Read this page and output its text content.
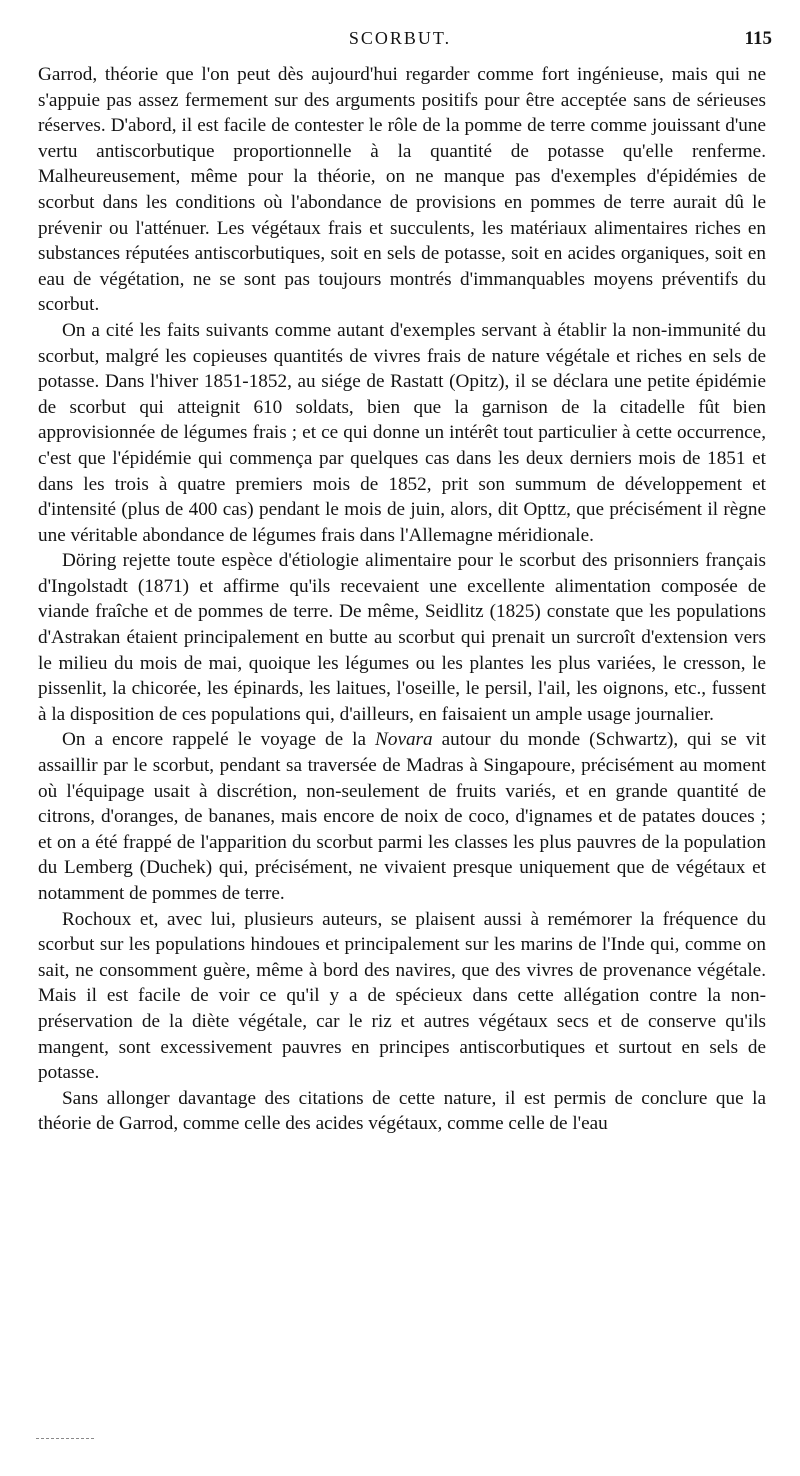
SCORBUT.	115

Garrod, théorie que l'on peut dès aujourd'hui regarder comme fort ingénieuse, mais qui ne s'appuie pas assez fermement sur des arguments positifs pour être acceptée sans de sérieuses réserves. D'abord, il est facile de contester le rôle de la pomme de terre comme jouissant d'une vertu antiscorbutique proportionnelle à la quantité de potasse qu'elle renferme. Malheureusement, même pour la théorie, on ne manque pas d'exemples d'épidémies de scorbut dans les conditions où l'abondance de provisions en pommes de terre aurait dû le prévenir ou l'atténuer. Les végétaux frais et succulents, les matériaux alimentaires riches en substances réputées antiscorbutiques, soit en sels de potasse, soit en acides organiques, soit en eau de végétation, ne se sont pas toujours montrés d'immanquables moyens préventifs du scorbut.

On a cité les faits suivants comme autant d'exemples servant à établir la non-immunité du scorbut, malgré les copieuses quantités de vivres frais de nature végétale et riches en sels de potasse. Dans l'hiver 1851-1852, au siége de Rastatt (Opitz), il se déclara une petite épidémie de scorbut qui atteignit 610 soldats, bien que la garnison de la citadelle fût bien approvisionnée de légumes frais ; et ce qui donne un intérêt tout particulier à cette occurrence, c'est que l'épidémie qui commença par quelques cas dans les deux derniers mois de 1851 et dans les trois à quatre premiers mois de 1852, prit son summum de développement et d'intensité (plus de 400 cas) pendant le mois de juin, alors, dit Opttz, que précisément il règne une véritable abondance de légumes frais dans l'Allemagne méridionale.

Döring rejette toute espèce d'étiologie alimentaire pour le scorbut des prisonniers français d'Ingolstadt (1871) et affirme qu'ils recevaient une excellente alimentation composée de viande fraîche et de pommes de terre. De même, Seidlitz (1825) constate que les populations d'Astrakan étaient principalement en butte au scorbut qui prenait un surcroît d'extension vers le milieu du mois de mai, quoique les légumes ou les plantes les plus variées, le cresson, le pissenlit, la chicorée, les épinards, les laitues, l'oseille, le persil, l'ail, les oignons, etc., fussent à la disposition de ces populations qui, d'ailleurs, en faisaient un ample usage journalier.

On a encore rappelé le voyage de la Novara autour du monde (Schwartz), qui se vit assaillir par le scorbut, pendant sa traversée de Madras à Singapoure, précisément au moment où l'équipage usait à discrétion, non-seulement de fruits variés, et en grande quantité de citrons, d'oranges, de bananes, mais encore de noix de coco, d'ignames et de patates douces ; et on a été frappé de l'apparition du scorbut parmi les classes les plus pauvres de la population du Lemberg (Duchek) qui, précisément, ne vivaient presque uniquement que de végétaux et notamment de pommes de terre.

Rochoux et, avec lui, plusieurs auteurs, se plaisent aussi à remémorer la fréquence du scorbut sur les populations hindoues et principalement sur les marins de l'Inde qui, comme on sait, ne consomment guère, même à bord des navires, que des vivres de provenance végétale. Mais il est facile de voir ce qu'il y a de spécieux dans cette allégation contre la non-préservation de la diète végétale, car le riz et autres végétaux secs et de conserve qu'ils mangent, sont excessivement pauvres en principes antiscorbutiques et surtout en sels de potasse.

Sans allonger davantage des citations de cette nature, il est permis de conclure que la théorie de Garrod, comme celle des acides végétaux, comme celle de l'eau
